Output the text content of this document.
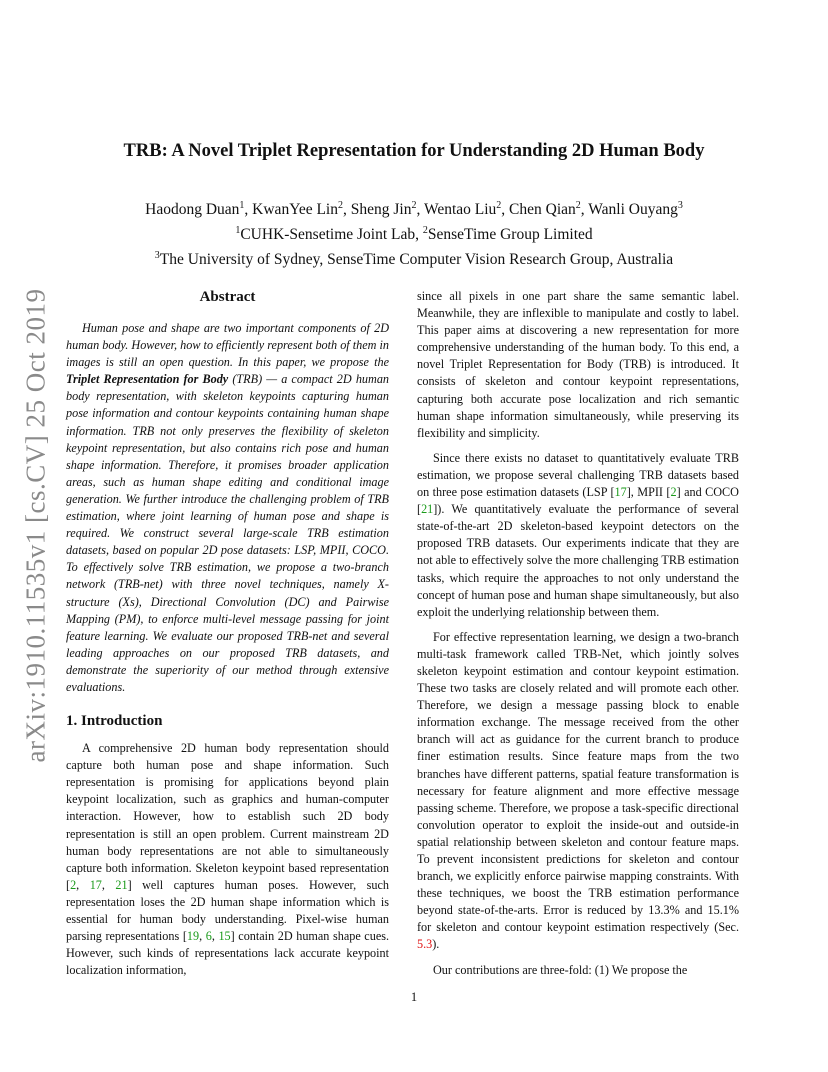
arXiv:1910.11535v1 [cs.CV] 25 Oct 2019
TRB: A Novel Triplet Representation for Understanding 2D Human Body
Haodong Duan$^1$, KwanYee Lin$^2$, Sheng Jin$^2$, Wentao Liu$^2$, Chen Qian$^2$, Wanli Ouyang$^3$
$^1$CUHK-Sensetime Joint Lab, $^2$SenseTime Group Limited
$^3$The University of Sydney, SenseTime Computer Vision Research Group, Australia
Abstract

Human pose and shape are two important components of 2D human body. However, how to efficiently represent both of them in images is still an open question. In this paper, we propose the Triplet Representation for Body (TRB) — a compact 2D human body representation, with skeleton keypoints capturing human pose information and contour keypoints containing human shape information. TRB not only preserves the flexibility of skeleton keypoint representation, but also contains rich pose and human shape information. Therefore, it promises broader application areas, such as human shape editing and conditional image generation. We further introduce the challenging problem of TRB estimation, where joint learning of human pose and shape is required. We construct several large-scale TRB estimation datasets, based on popular 2D pose datasets: LSP, MPII, COCO. To effectively solve TRB estimation, we propose a two-branch network (TRB-net) with three novel techniques, namely X-structure (Xs), Directional Convolution (DC) and Pairwise Mapping (PM), to enforce multi-level message passing for joint feature learning. We evaluate our proposed TRB-net and several leading approaches on our proposed TRB datasets, and demonstrate the superiority of our method through extensive evaluations.

1. Introduction

A comprehensive 2D human body representation should capture both human pose and shape information. Such representation is promising for applications beyond plain keypoint localization, such as graphics and human-computer interaction. However, how to establish such 2D body representation is still an open problem. Current mainstream 2D human body representations are not able to simultaneously capture both information. Skeleton keypoint based representation [2, 17, 21] well captures human poses. However, such representation loses the 2D human shape information which is essential for human body understanding. Pixel-wise human parsing representations [19, 6, 15] contain 2D human shape cues. However, such kinds of representations lack accurate keypoint localization information,

since all pixels in one part share the same semantic label. Meanwhile, they are inflexible to manipulate and costly to label. This paper aims at discovering a new representation for more comprehensive understanding of the human body. To this end, a novel Triplet Representation for Body (TRB) is introduced. It consists of skeleton and contour keypoint representations, capturing both accurate pose localization and rich semantic human shape information simultaneously, while preserving its flexibility and simplicity.

Since there exists no dataset to quantitatively evaluate TRB estimation, we propose several challenging TRB datasets based on three pose estimation datasets (LSP [17], MPII [2] and COCO [21]). We quantitatively evaluate the performance of several state-of-the-art 2D skeleton-based keypoint detectors on the proposed TRB datasets. Our experiments indicate that they are not able to effectively solve the more challenging TRB estimation tasks, which require the approaches to not only understand the concept of human pose and human shape simultaneously, but also exploit the underlying relationship between them.

For effective representation learning, we design a two-branch multi-task framework called TRB-Net, which jointly solves skeleton keypoint estimation and contour keypoint estimation. These two tasks are closely related and will promote each other. Therefore, we design a message passing block to enable information exchange. The message received from the other branch will act as guidance for the current branch to produce finer estimation results. Since feature maps from the two branches have different patterns, spatial feature transformation is necessary for feature alignment and more effective message passing scheme. Therefore, we propose a task-specific directional convolution operator to exploit the inside-out and outside-in spatial relationship between skeleton and contour feature maps. To prevent inconsistent predictions for skeleton and contour branch, we explicitly enforce pairwise mapping constraints. With these techniques, we boost the TRB estimation performance beyond state-of-the-arts. Error is reduced by 13.3% and 15.1% for skeleton and contour keypoint estimation respectively (Sec. 5.3).

Our contributions are three-fold: (1) We propose the

1
